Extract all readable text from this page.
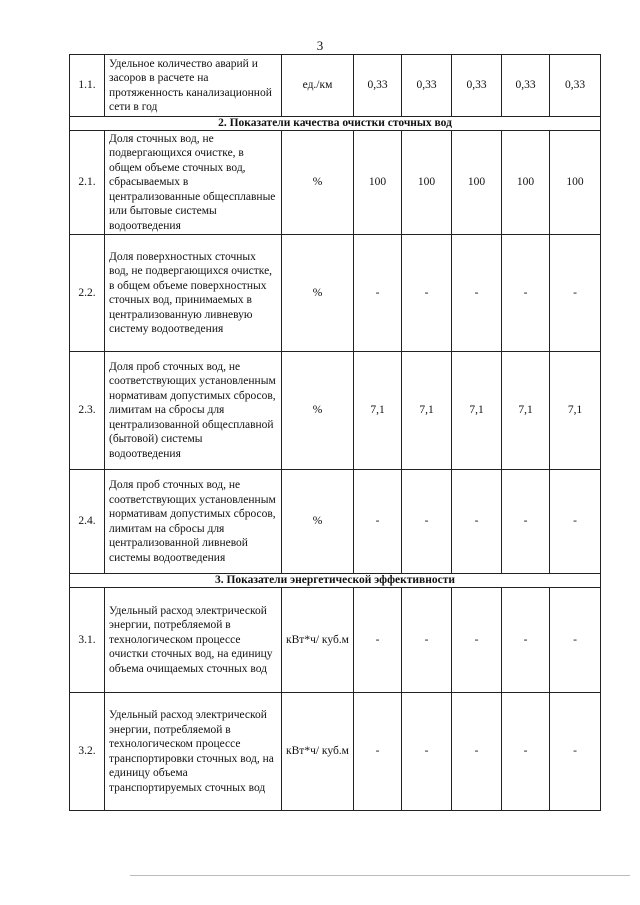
3
1.1.	Удельное количество аварий и засоров в расчете на протяженность канализационной сети в год	ед./км	0,33	0,33	0,33	0,33	0,33
2. Показатели качества очистки сточных вод							
2.1.	Доля сточных вод, не подвергающихся очистке, в общем объеме сточных вод, сбрасываемых в централизованные общесплавные или бытовые системы водоотведения	%	100	100	100	100	100
2.2.	Доля поверхностных сточных вод, не подвергающихся очистке, в общем объеме поверхностных сточных вод, принимаемых в централизованную ливневую систему водоотведения	%	-	-	-	-	-
2.3.	Доля проб сточных вод, не соответствующих установленным нормативам допустимых сбросов, лимитам на сбросы для централизованной общесплавной (бытовой) системы водоотведения	%	7,1	7,1	7,1	7,1	7,1
2.4.	Доля проб сточных вод, не соответствующих установленным нормативам допустимых сбросов, лимитам на сбросы для централизованной ливневой системы водоотведения	%	-	-	-	-	-
3. Показатели энергетической эффективности							
3.1.	Удельный расход электрической энергии, потребляемой в технологическом процессе очистки сточных вод, на единицу объема очищаемых сточных вод	кВт*ч/ куб.м	-	-	-	-	-
3.2.	Удельный расход электрической энергии, потребляемой в технологическом процессе транспортировки сточных вод, на единицу объема транспортируемых сточных вод	кВт*ч/ куб.м	-	-	-	-	-
